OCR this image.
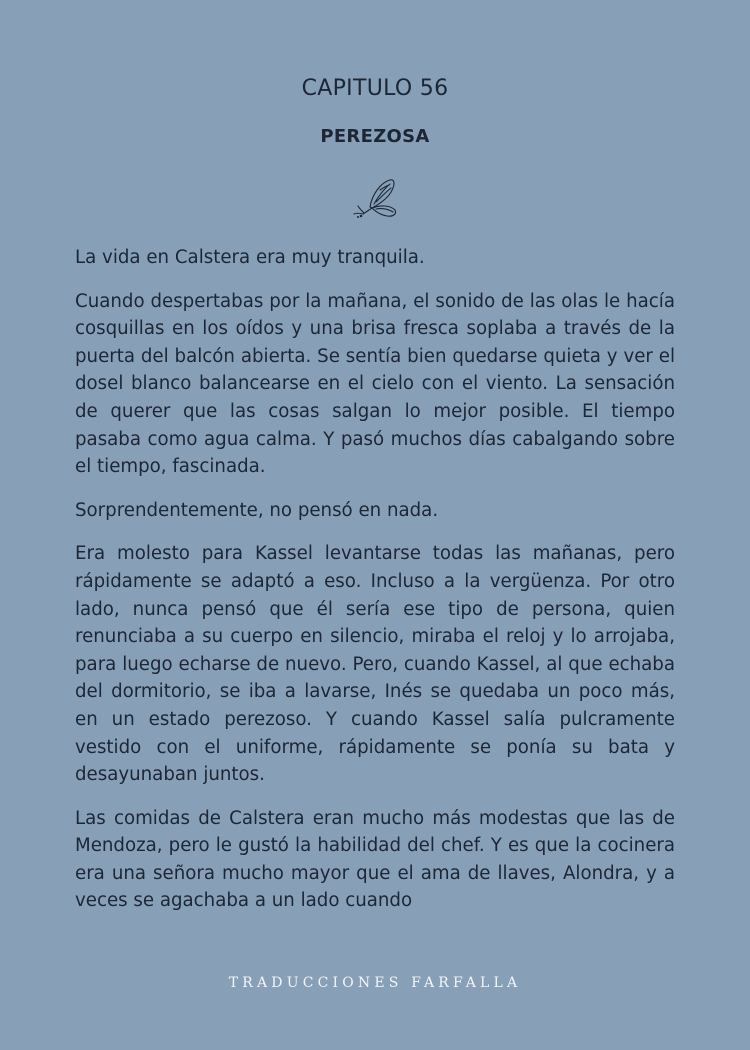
CAPITULO 56
PEREZOSA

La vida en Calstera era muy tranquila.

Cuando despertabas por la mañana, el sonido de las olas le hacía cosquillas en los oídos y una brisa fresca soplaba a través de la puerta del balcón abierta. Se sentía bien quedarse quieta y ver el dosel blanco balancearse en el cielo con el viento. La sensación de querer que las cosas salgan lo mejor posible. El tiempo pasaba como agua calma. Y pasó muchos días cabalgando sobre el tiempo, fascinada.

Sorprendentemente, no pensó en nada.

Era molesto para Kassel levantarse todas las mañanas, pero rápidamente se adaptó a eso. Incluso a la vergüenza. Por otro lado, nunca pensó que él sería ese tipo de persona, quien renunciaba a su cuerpo en silencio, miraba el reloj y lo arrojaba, para luego echarse de nuevo. Pero, cuando Kassel, al que echaba del dormitorio, se iba a lavarse, Inés se quedaba un poco más, en un estado perezoso. Y cuando Kassel salía pulcramente vestido con el uniforme, rápidamente se ponía su bata y desayunaban juntos.

Las comidas de Calstera eran mucho más modestas que las de Mendoza, pero le gustó la habilidad del chef. Y es que la cocinera era una señora mucho mayor que el ama de llaves, Alondra, y a veces se agachaba a un lado cuando

TRADUCCIONES FARFALLA
